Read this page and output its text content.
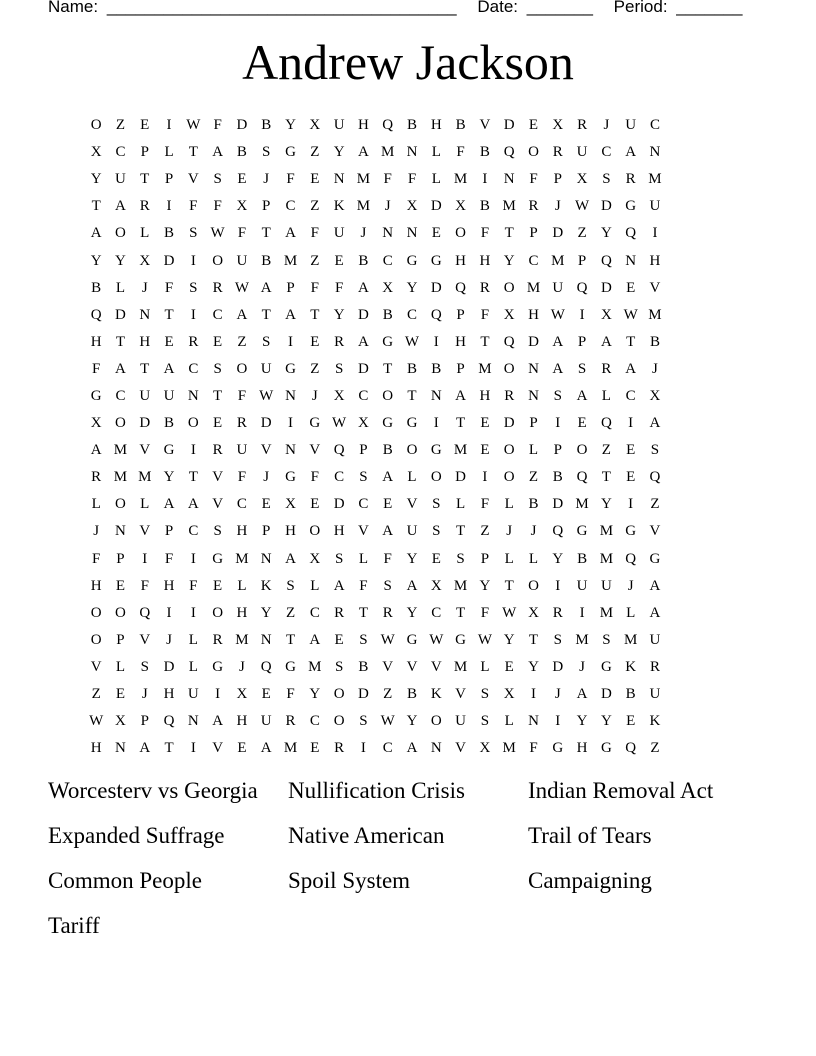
Name: _____________________________________ Date: _______ Period: _______
Andrew Jackson
O Z	E	I W F D B Y X U H Q B H B V D E X R	J	U C
X C	P	L	T A B	S G Z Y A M N L	F	B Q O R U C A N
Y U T	P V S	E	J	F	E N M F	F	L M	I	N F	P X S	R M
T A R	I	F	F X P	C Z K M J	X D X B M R	J W D G U
A O L B	S W F	T A F U	J	N N E O F	T	P D Z Y Q	I
Y Y X D	I	O U B M Z	E B C G G H H Y C M P Q N H
B L	J	F	S	R W A P	F	F A X Y D Q R O M U Q D E V
Q D N T	I	C A T A T Y D B C Q P	F X H W I	X W M
H T H E R E	Z	S	I	E R A G W I	H T Q D A P A T B
F A T A C	S O U G Z	S D T B B	P M O N A S	R A	J
G C U U N T	F W N	J	X C O T N A H R N S A L C X
X O D B O E R D	I	G W X G G	I	T	E D P	I	E Q	I	A
A M V G	I	R U V N V Q P	B O G M E O L	P O Z	E	S
R M M Y T V F	J	G F	C	S A L O D	I	O Z B Q T	E Q
L O L A A V C E X E D C E V S	L	F	L B D M Y	I	Z
J	N V P	C	S H P H O H V A U S	T	Z	J	J	Q G M G V
F	P	I	F	I	G M N A X S	L	F Y E	S	P	L	L Y B M Q G
H E	F H F	E	L K S	L A F	S A X M Y T O	I	U U	J	A
O O Q	I	I	O H Y Z C R T R Y C T	F W X R	I	M L A
O P V	J	L R M N T A E	S W G W G W Y T	S M S M U
V L	S D L G	J	Q G M S	B V V V M L	E Y D	J	G K R
Z	E	J	H U	I	X E	F Y O D Z B K V S X	I	J	A D B U
W X P Q N A H U R C O S W Y O U S	L N	I	Y Y E K
H N A T	I	V E A M E R	I	C A N V X M F G H G Q Z
Worcesterv vs Georgia	Nullification Crisis	Indian Removal Act
Expanded Suffrage	Native American	Trail of Tears
Common People	Spoil System	Campaigning
Tariff
